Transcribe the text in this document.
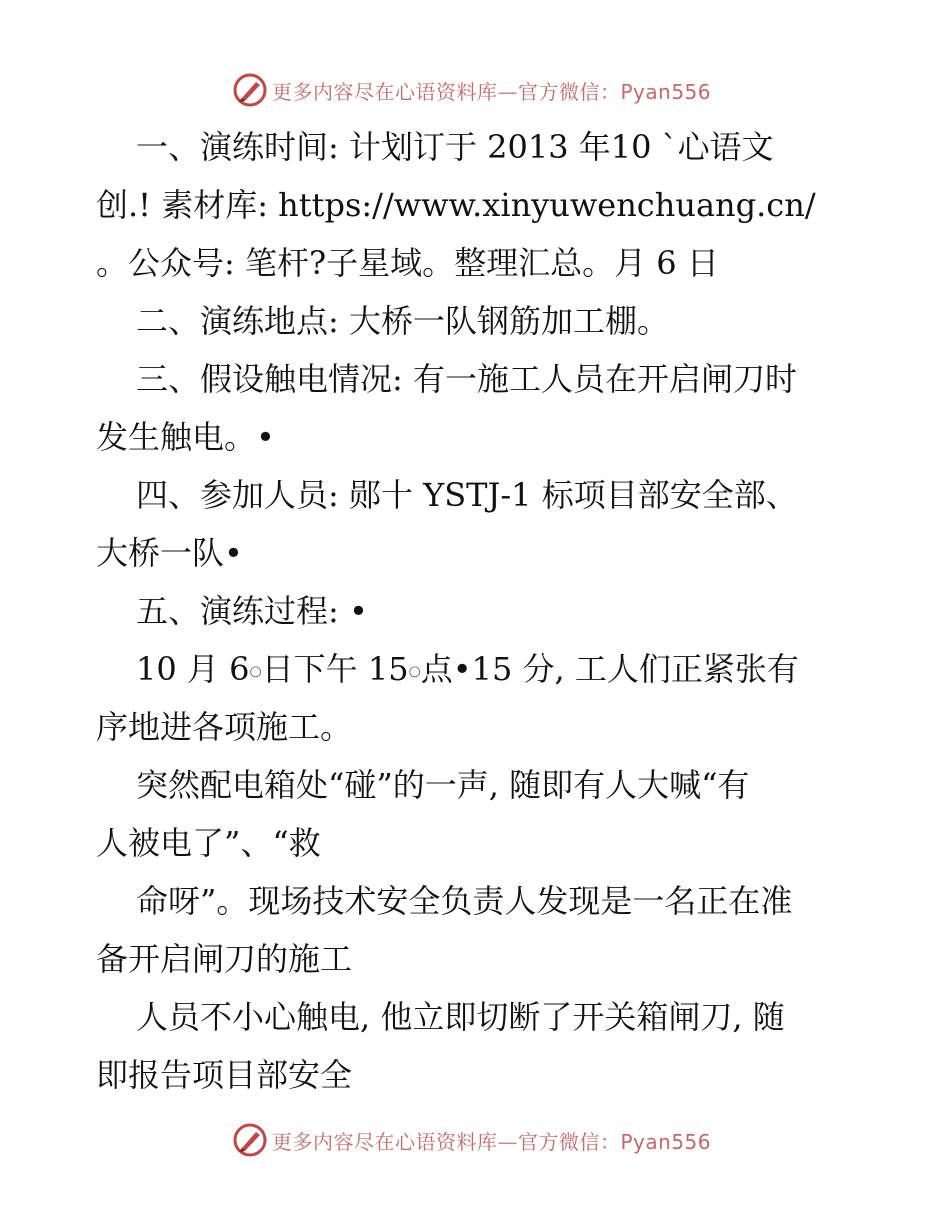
更多内容尽在心语资料库—官方微信：Pyan556
一、演练时间: 计划订于 2013 年10 `心语文
创.! 素材库: https://www.xinyuwenchuang.cn/
。公众号: 笔杆?子星域。整理汇总。月 6 日
二、演练地点: 大桥一队钢筋加工棚。
三、假设触电情况: 有一施工人员在开启闸刀时
发生触电。•
四、参加人员: 郧十 YSTJ-1 标项目部安全部、
大桥一队•
五、演练过程: •
10 月 6○日下午 15○点•15 分, 工人们正紧张有
序地进各项施工。
突然配电箱处“碰”的一声, 随即有人大喊“有
人被电了”、“救
命呀”。现场技术安全负责人发现是一名正在准
备开启闸刀的施工
人员不小心触电, 他立即切断了开关箱闸刀, 随
即报告项目部安全
更多内容尽在心语资料库—官方微信：Pyan556
